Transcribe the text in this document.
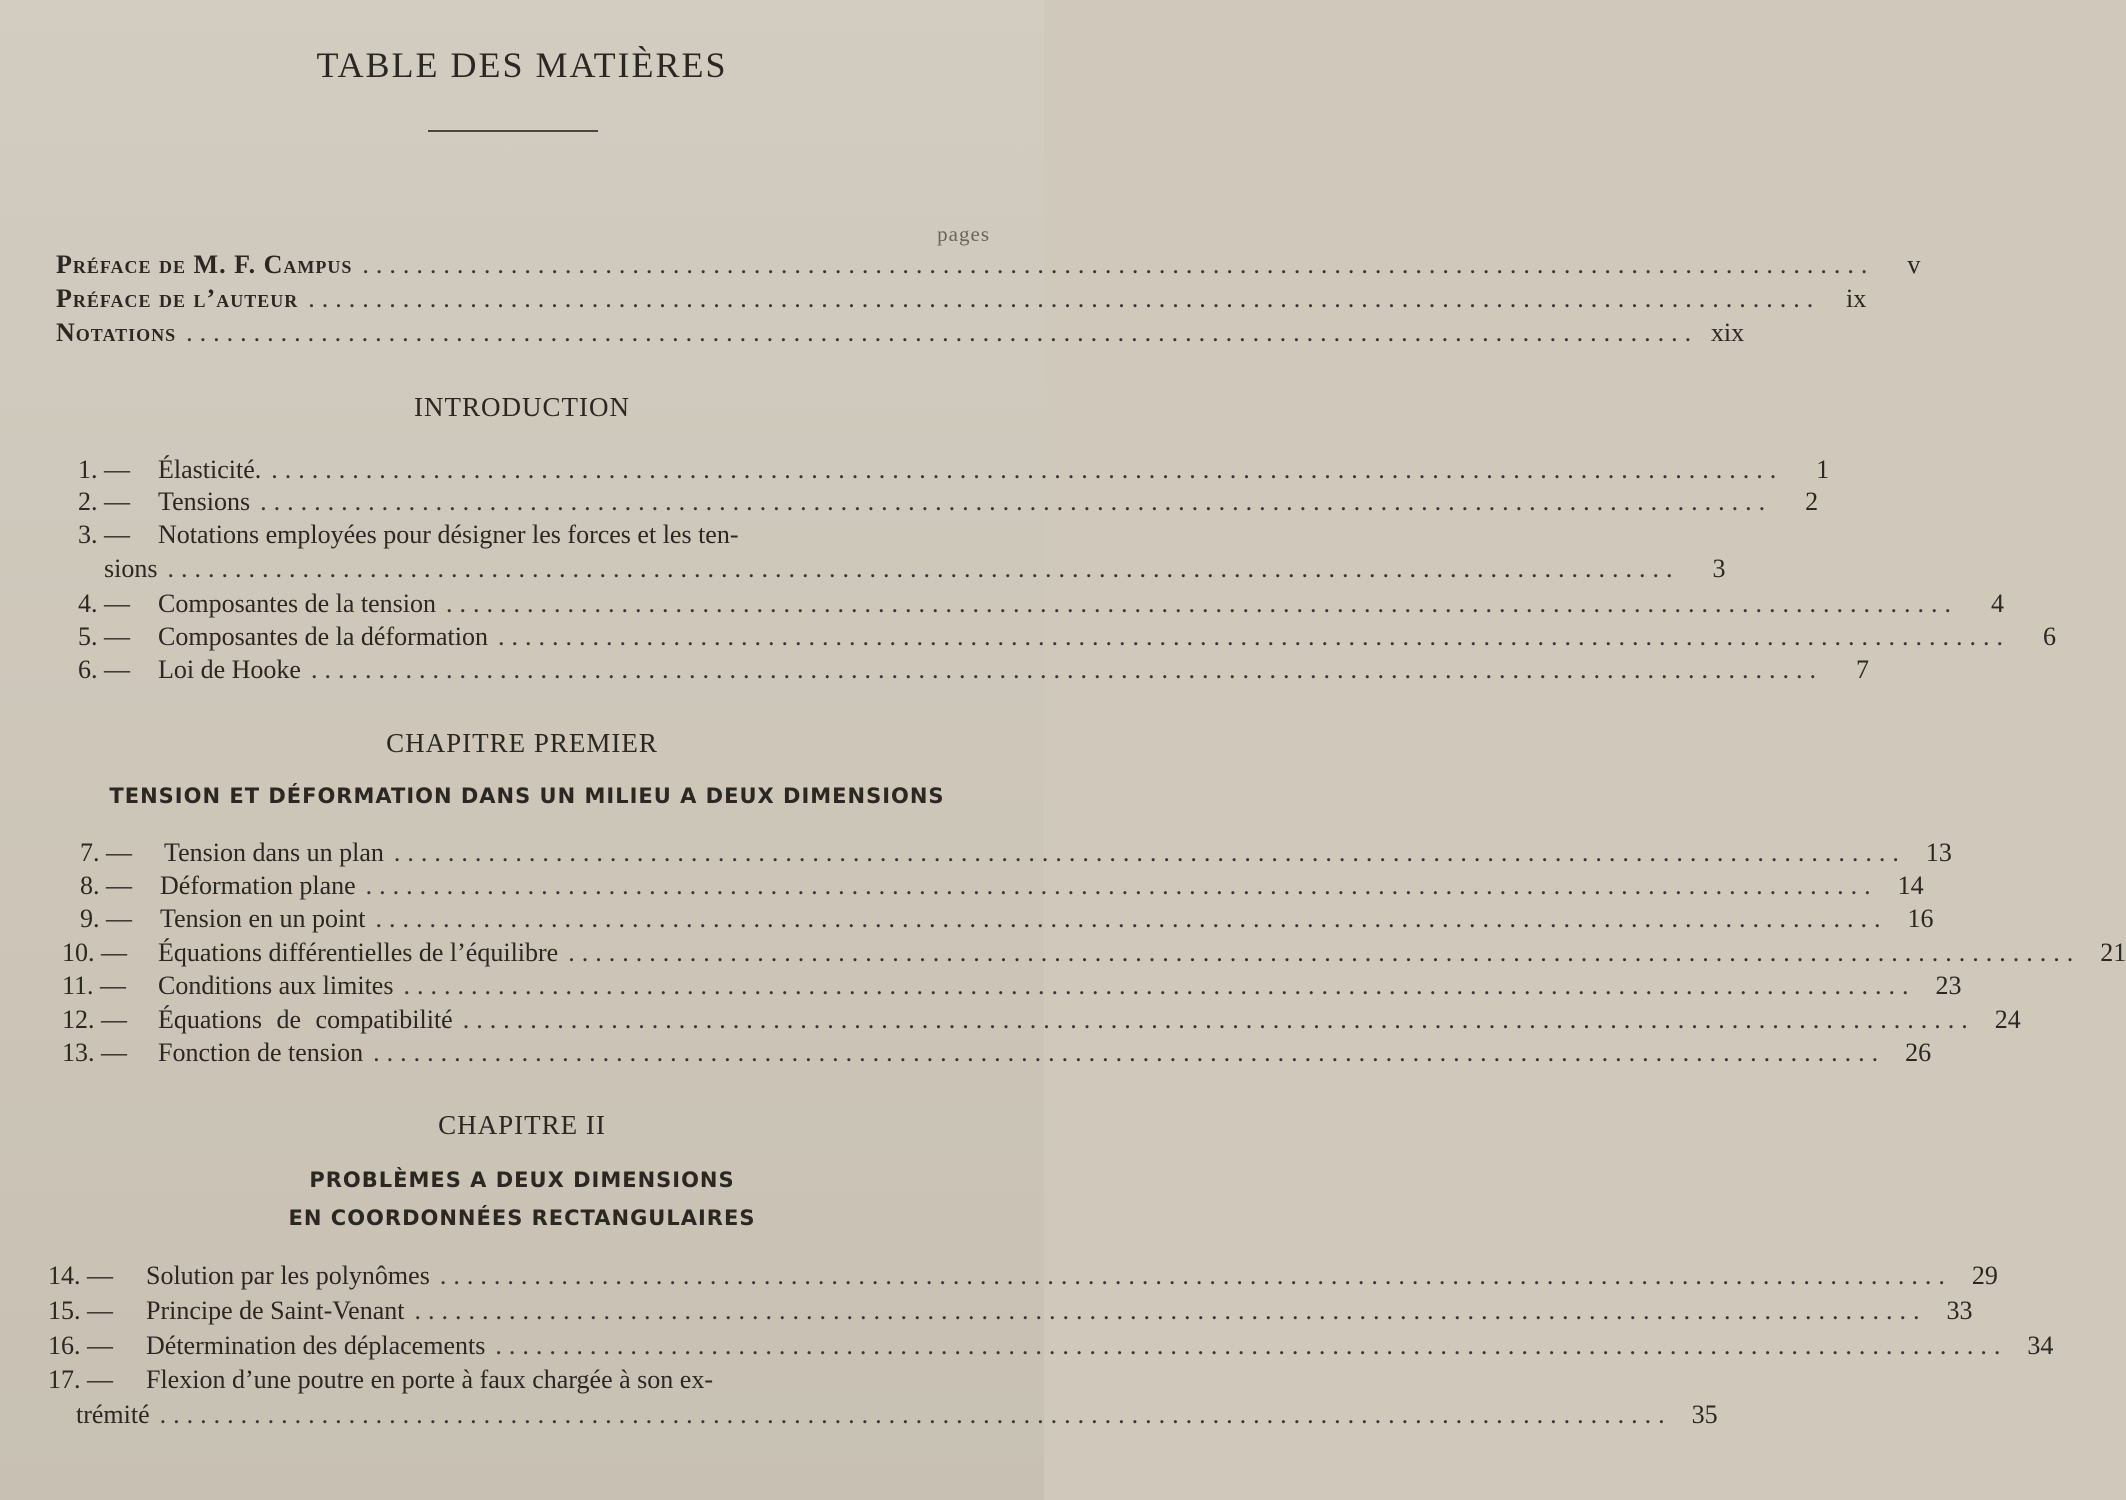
TABLE DES MATIÈRES
pages
Préface de M. F. Campus ................................................................................................................	v
Préface de l’auteur ................................................................................................................ ix
Notations ................................................................................................................ xix
INTRODUCTION
1. — Élasticité. ................................................................................................................	1
2. — Tensions ................................................................................................................	2
3. — Notations employées pour désigner les forces et les ten-
sions ................................................................................................................	3
4. — Composantes de la tension ................................................................................................................	4
5. — Composantes de la déformation ................................................................................................................	6
6. — Loi de Hooke ................................................................................................................	7
CHAPITRE PREMIER
TENSION ET DÉFORMATION DANS UN MILIEU A DEUX DIMENSIONS
7. — Tension dans un plan ................................................................................................................ 13
8. — Déformation plane ................................................................................................................ 14
9. — Tension en un point ................................................................................................................ 16
10. — Équations différentielles de l’équilibre ................................................................................................................ 21
11. — Conditions aux limites ................................................................................................................ 23
12. — Équations de compatibilité ................................................................................................................ 24
13. — Fonction de tension ................................................................................................................ 26
CHAPITRE II
PROBLÈMES A DEUX DIMENSIONS
EN COORDONNÉES RECTANGULAIRES
14. — Solution par les polynômes ................................................................................................................ 29
15. — Principe de Saint-Venant ................................................................................................................ 33
16. — Détermination des déplacements ................................................................................................................ 34
17. — Flexion d’une poutre en porte à faux chargée à son ex-
trémité ................................................................................................................ 35
